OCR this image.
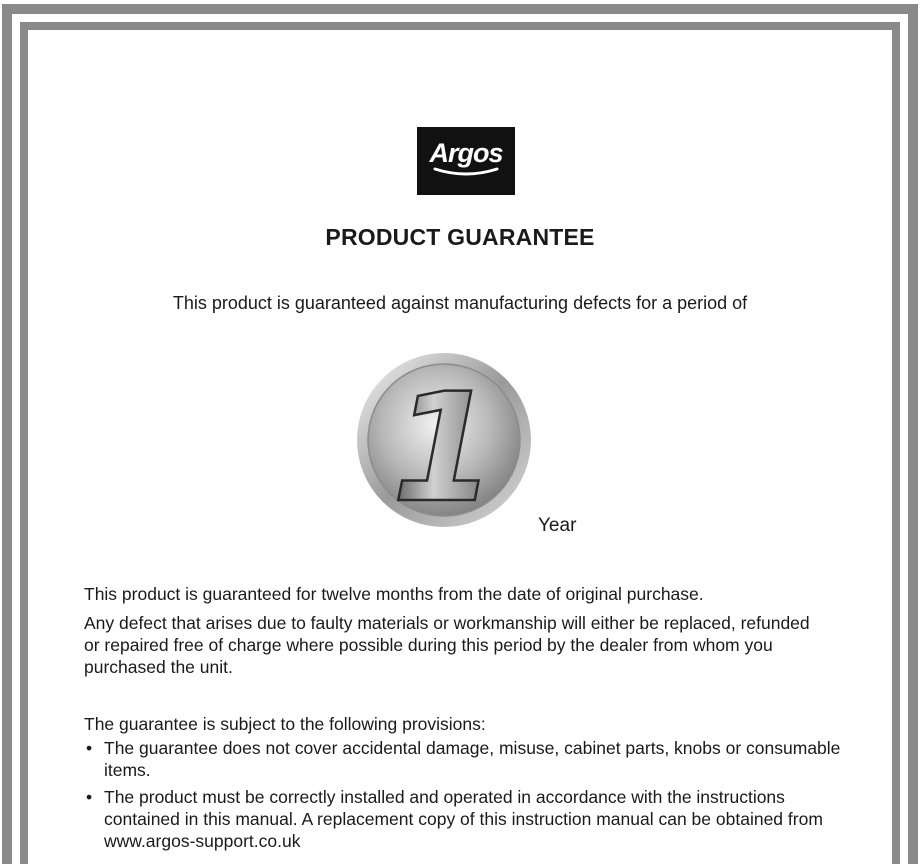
Argos
PRODUCT GUARANTEE
This product is guaranteed against manufacturing defects for a period of
1 Year
This product is guaranteed for twelve months from the date of original purchase.
Any defect that arises due to faulty materials or workmanship will either be replaced, refunded or repaired free of charge where possible during this period by the dealer from whom you purchased the unit.
The guarantee is subject to the following provisions:
• The guarantee does not cover accidental damage, misuse, cabinet parts, knobs or consumable items.
• The product must be correctly installed and operated in accordance with the instructions contained in this manual. A replacement copy of this instruction manual can be obtained from www.argos-support.co.uk
